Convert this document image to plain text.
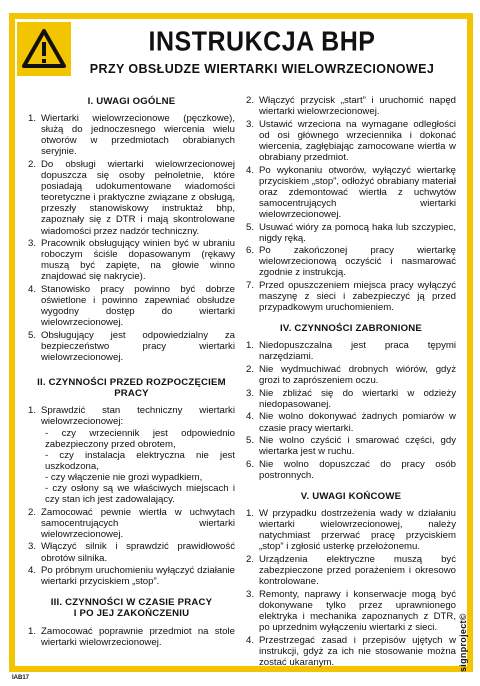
INSTRUKCJA BHP
PRZY OBSŁUDZE WIERTARKI WIELOWRZECIONOWEJ
I. UWAGI OGÓLNE
1. Wiertarki wielowrzecionowe (pęczkowe), służą do jednoczesnego wiercenia wielu otworów w przedmiotach obrabianych seryjnie.
2. Do obsługi wiertarki wielowrzecionowej dopuszcza się osoby pełnoletnie, które posiadają udokumentowane wiadomości teoretyczne i praktyczne związane z obsługą, przeszły stanowiskowy instruktaż bhp, zapoznały się z DTR i mają skontrolowane wiadomości przez nadzór techniczny.
3. Pracownik obsługujący winien być w ubraniu roboczym ściśle dopasowanym (rękawy muszą być zapięte, na głowie winno znajdować się nakrycie).
4. Stanowisko pracy powinno być dobrze oświetlone i powinno zapewniać obsłudze wygodny dostęp do wiertarki wielowrzecionowej.
5. Obsługujący jest odpowiedzialny za bezpieczeństwo pracy wiertarki wielowrzecionowej.
II. CZYNNOŚCI PRZED ROZPOCZĘCIEM PRACY
1. Sprawdzić stan techniczny wiertarki wielowrzecionowej:
- czy wrzeciennik jest odpowiednio zabezpieczony przed obrotem,
- czy instalacja elektryczna nie jest uszkodzona,
- czy włączenie nie grozi wypadkiem,
- czy osłony są we właściwych miejscach i czy stan ich jest zadowalający.
2. Zamocować pewnie wiertła w uchwytach samocentrujących wiertarki wielowrzecionowej.
3. Włączyć silnik i sprawdzić prawidłowość obrotów silnika.
4. Po próbnym uruchomieniu wyłączyć działanie wiertarki przyciskiem „stop”.
III. CZYNNOŚCI W CZASIE PRACY
I PO JEJ ZAKOŃCZENIU
1. Zamocować poprawnie przedmiot na stole wiertarki wielowrzecionowej.
2. Włączyć przycisk „start” i uruchomić napęd wiertarki wielowrzecionowej.
3. Ustawić wrzeciona na wymagane odległości od osi głównego wrzeciennika i dokonać wiercenia, zagłębiając zamocowane wiertła w obrabiany przedmiot.
4. Po wykonaniu otworów, wyłączyć wiertarkę przyciskiem „stop”, odłożyć obrabiany materiał oraz zdemontować wiertła z uchwytów samocentrujących wiertarki wielowrzecionowej.
5. Usuwać wióry za pomocą haka lub szczypiec, nigdy ręką.
6. Po zakończonej pracy wiertarkę wielowrzecionową oczyścić i nasmarować zgodnie z instrukcją.
7. Przed opuszczeniem miejsca pracy wyłączyć maszynę z sieci i zabezpieczyć ją przed przypadkowym uruchomieniem.
IV. CZYNNOŚCI ZABRONIONE
1. Niedopuszczalna jest praca tępymi narzędziami.
2. Nie wydmuchiwać drobnych wiórów, gdyż grozi to zaprószeniem oczu.
3. Nie zbliżać się do wiertarki w odzieży niedopasowanej.
4. Nie wolno dokonywać żadnych pomiarów w czasie pracy wiertarki.
5. Nie wolno czyścić i smarować części, gdy wiertarka jest w ruchu.
6. Nie wolno dopuszczać do pracy osób postronnych.
V. UWAGI KOŃCOWE
1. W przypadku dostrzeżenia wady w działaniu wiertarki wielowrzecionowej, należy natychmiast przerwać pracę przyciskiem „stop” i zgłosić usterkę przełożonemu.
2. Urządzenia elektryczne muszą być zabezpieczone przed porażeniem i okresowo kontrolowane.
3. Remonty, naprawy i konserwacje mogą być dokonywane tylko przez uprawnionego elektryka i mechanika zapoznanych z DTR, po uprzednim wyłączeniu wiertarki z sieci.
4. Przestrzegać zasad i przepisów ujętych w instrukcji, gdyż za ich nie stosowanie można zostać ukaranym.	signproject©
IAB17
